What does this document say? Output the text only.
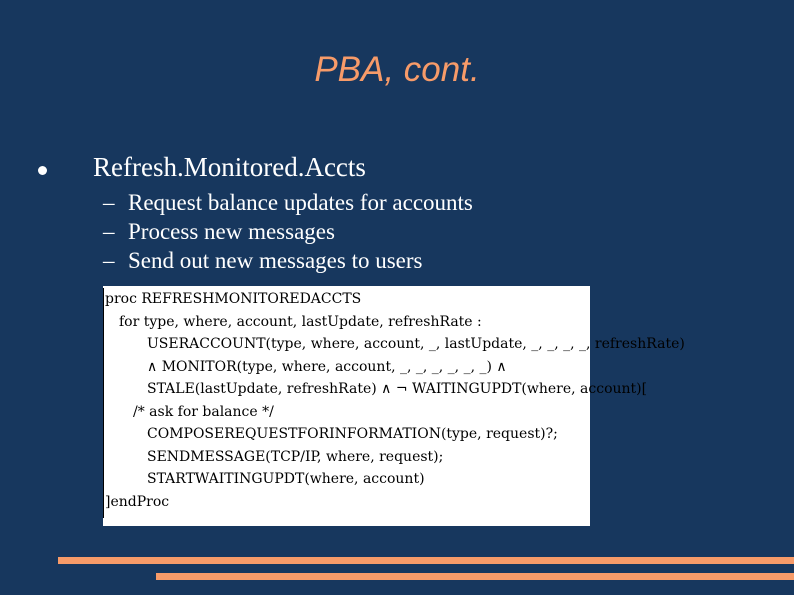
PBA, cont.
Refresh.Monitored.Accts
– Request balance updates for accounts
– Process new messages
– Send out new messages to users
proc REFRESHMONITOREDACCTS
for type, where, account, lastUpdate, refreshRate :
USERACCOUNT(type, where, account, _, lastUpdate, _, _, _, _, refreshRate)
∧ MONITOR(type, where, account, _, _, _, _, _, _) ∧
STALE(lastUpdate, refreshRate) ∧ ¬ WAITINGUPDT(where, account)[
/* ask for balance */
COMPOSEREQUESTFORINFORMATION(type, request)?;
SENDMESSAGE(TCP/IP, where, request);
STARTWAITINGUPDT(where, account)
]endProc
